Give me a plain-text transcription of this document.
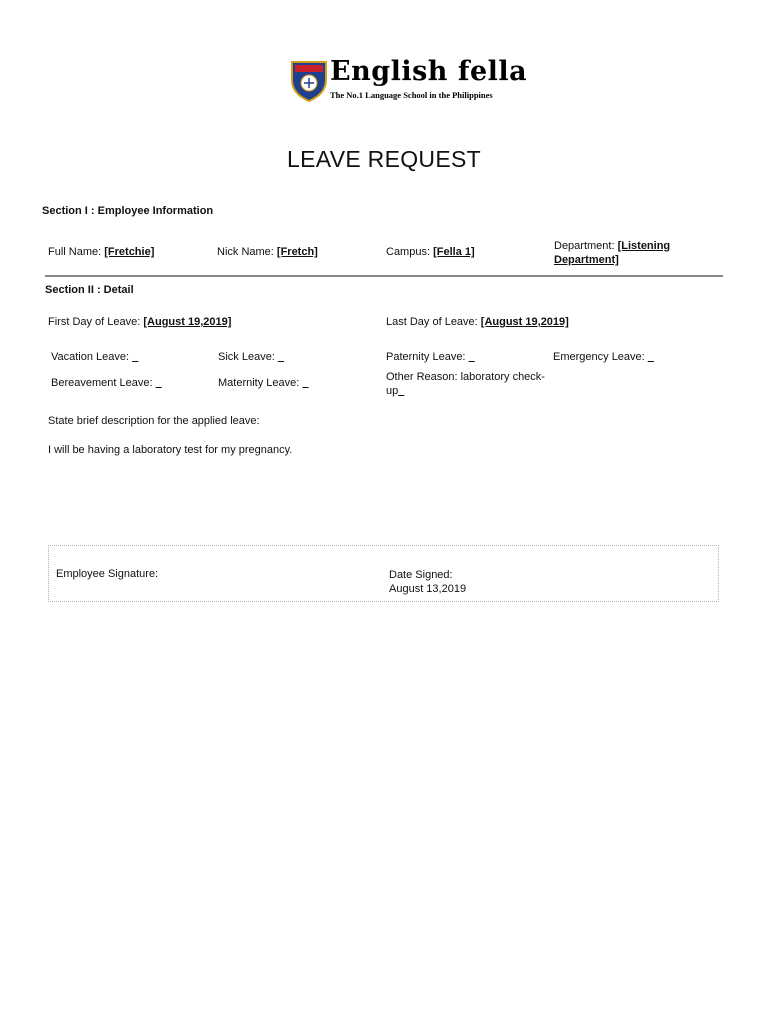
English fella
The No.1 Language School in the Philippines
LEAVE REQUEST
Section I : Employee Information
Full Name: [Fretchie]	Nick Name: [Fretch]	Campus: [Fella 1]	Department: [Listening
Department]
Section II : Detail
First Day of Leave: [August 19,2019]	Last Day of Leave: [August 19,2019]
Vacation Leave: _	Sick Leave: _	Paternity Leave: _	Emergency Leave: _
Bereavement Leave: _	Maternity Leave: _	Other Reason: laboratory check-
up_
State brief description for the applied leave:
I will be having a laboratory test for my pregnancy.
Employee Signature:	Date Signed:
August 13,2019
